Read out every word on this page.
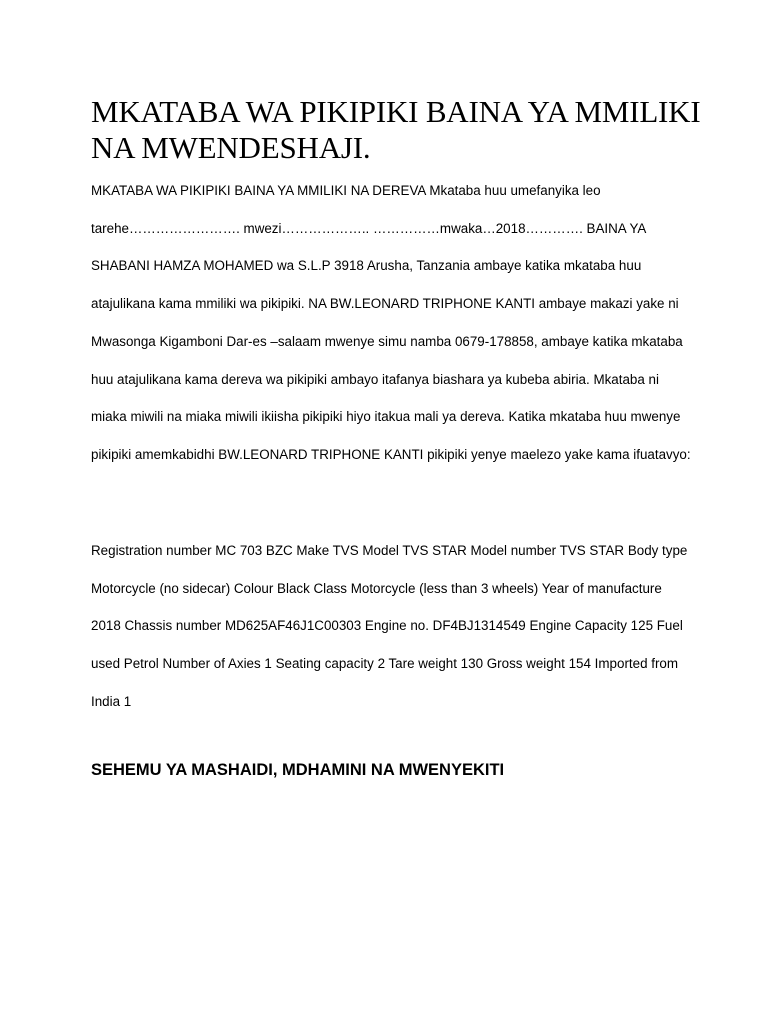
MKATABA WA PIKIPIKI BAINA YA MMILIKI NA MWENDESHAJI.

MKATABA WA PIKIPIKI BAINA YA MMILIKI NA DEREVA Mkataba huu umefanyika leo tarehe……………………. mwezi……………….. ……………mwaka…2018…………. BAINA YA SHABANI HAMZA MOHAMED wa S.L.P 3918 Arusha, Tanzania ambaye katika mkataba huu atajulikana kama mmiliki wa pikipiki. NA BW.LEONARD TRIPHONE KANTI ambaye makazi yake ni Mwasonga Kigamboni Dar-es –salaam mwenye simu namba 0679-178858, ambaye katika mkataba huu atajulikana kama dereva wa pikipiki ambayo itafanya biashara ya kubeba abiria. Mkataba ni miaka miwili na miaka miwili ikiisha pikipiki hiyo itakua mali ya dereva. Katika mkataba huu mwenye pikipiki amemkabidhi BW.LEONARD TRIPHONE KANTI pikipiki yenye maelezo yake kama ifuatavyo:

Registration number MC 703 BZC Make TVS Model TVS STAR Model number TVS STAR Body type Motorcycle (no sidecar) Colour Black Class Motorcycle (less than 3 wheels) Year of manufacture 2018 Chassis number MD625AF46J1C00303 Engine no. DF4BJ1314549 Engine Capacity 125 Fuel used Petrol Number of Axies 1 Seating capacity 2 Tare weight 130 Gross weight 154 Imported from India 1

SEHEMU YA MASHAIDI, MDHAMINI NA MWENYEKITI
